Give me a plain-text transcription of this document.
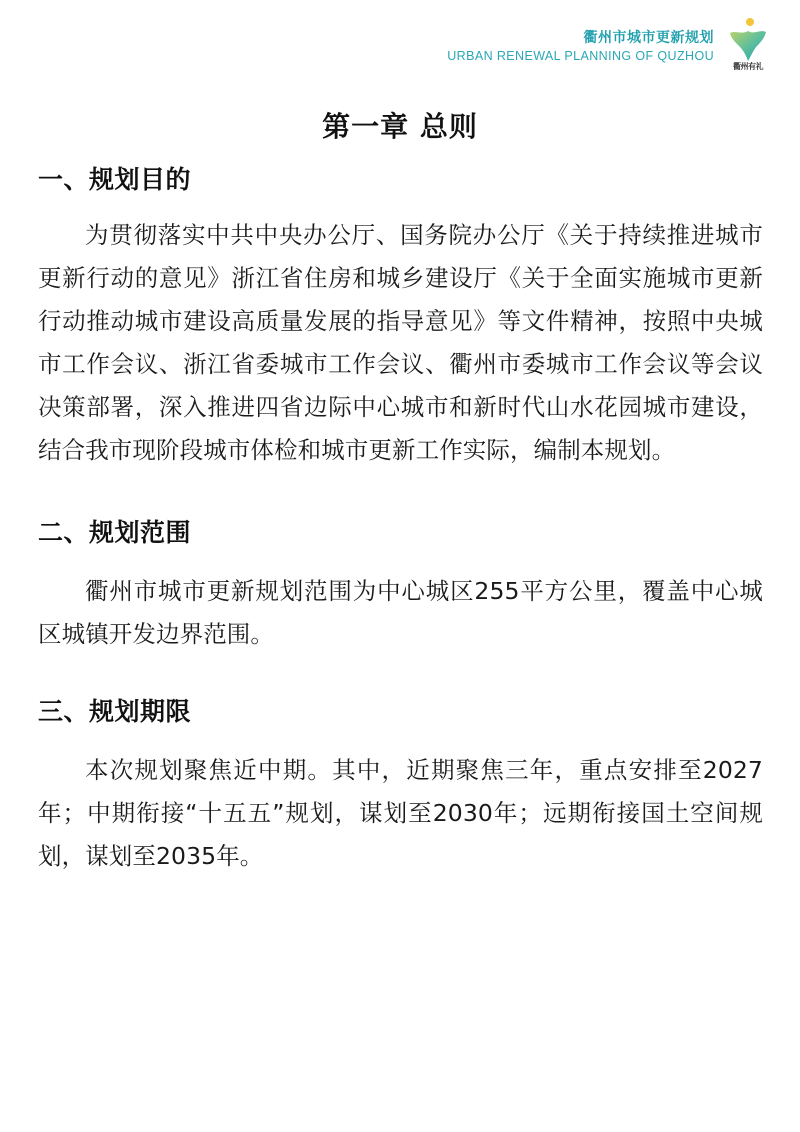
衢州市城市更新规划
URBAN RENEWAL PLANNING OF QUZHOU
衢州有礼
第一章 总则
一、规划目的

为贯彻落实中共中央办公厅、国务院办公厅《关于持续推进城市更新行动的意见》浙江省住房和城乡建设厅《关于全面实施城市更新行动推动城市建设高质量发展的指导意见》等文件精神，按照中央城市工作会议、浙江省委城市工作会议、衢州市委城市工作会议等会议决策部署，深入推进四省边际中心城市和新时代山水花园城市建设，结合我市现阶段城市体检和城市更新工作实际，编制本规划。

二、规划范围

衢州市城市更新规划范围为中心城区255平方公里，覆盖中心城区城镇开发边界范围。

三、规划期限

本次规划聚焦近中期。其中，近期聚焦三年，重点安排至2027年；中期衔接“十五五”规划，谋划至2030年；远期衔接国土空间规划，谋划至2035年。
